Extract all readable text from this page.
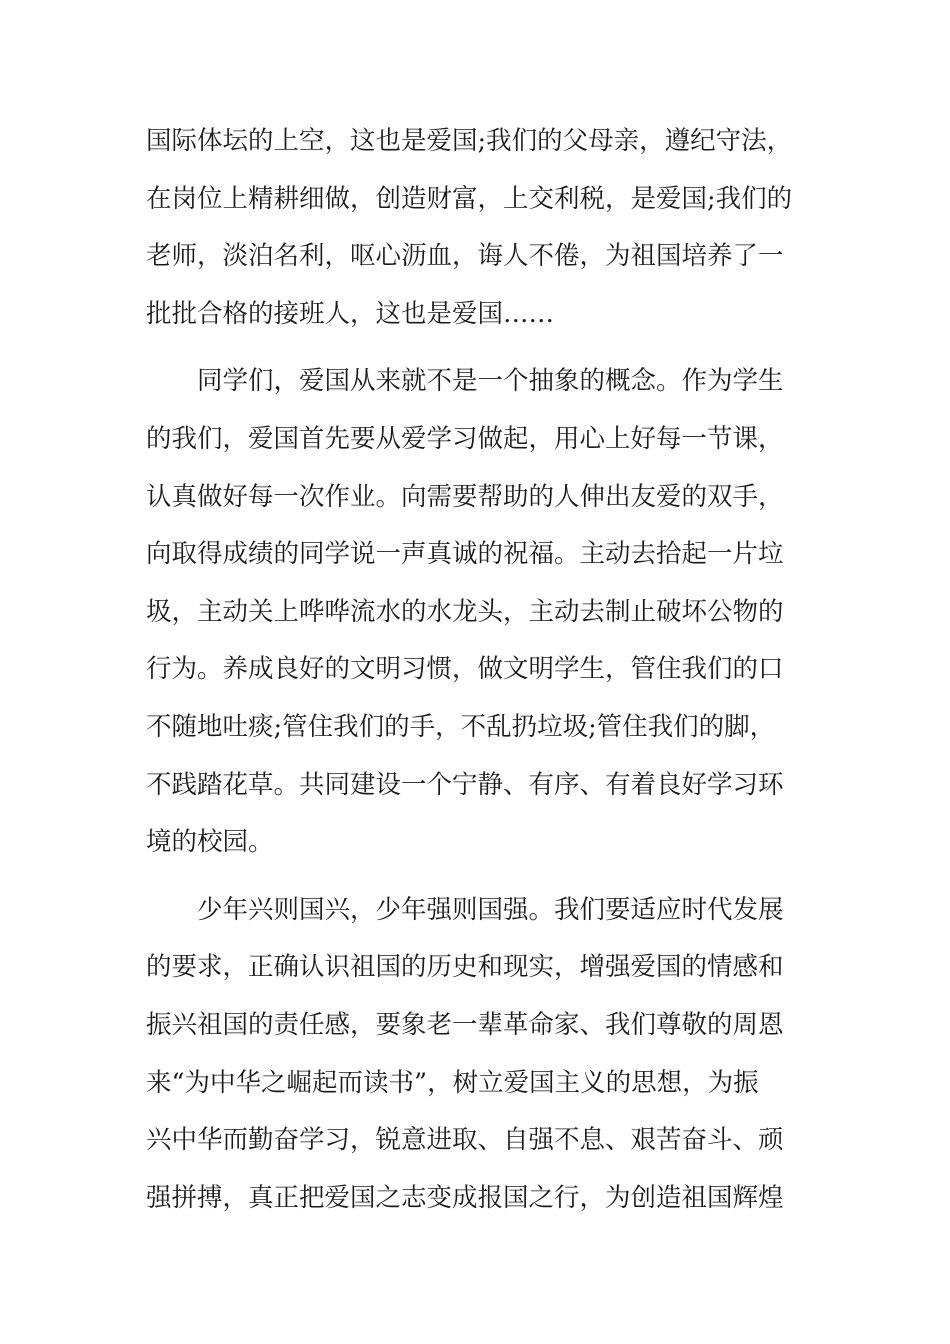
国际体坛的上空，这也是爱国;我们的父母亲，遵纪守法，
在岗位上精耕细做，创造财富，上交利税，是爱国;我们的
老师，淡泊名利，呕心沥血，诲人不倦，为祖国培养了一
批批合格的接班人，这也是爱国……
同学们，爱国从来就不是一个抽象的概念。作为学生
的我们，爱国首先要从爱学习做起，用心上好每一节课，
认真做好每一次作业。向需要帮助的人伸出友爱的双手，
向取得成绩的同学说一声真诚的祝福。主动去拾起一片垃
圾，主动关上哗哗流水的水龙头，主动去制止破坏公物的
行为。养成良好的文明习惯，做文明学生，管住我们的口
不随地吐痰;管住我们的手，不乱扔垃圾;管住我们的脚，
不践踏花草。共同建设一个宁静、有序、有着良好学习环
境的校园。
少年兴则国兴，少年强则国强。我们要适应时代发展
的要求，正确认识祖国的历史和现实，增强爱国的情感和
振兴祖国的责任感，要象老一辈革命家、我们尊敬的周恩
来“为中华之崛起而读书”，树立爱国主义的思想，为振
兴中华而勤奋学习，锐意进取、自强不息、艰苦奋斗、顽
强拼搏，真正把爱国之志变成报国之行，为创造祖国辉煌
